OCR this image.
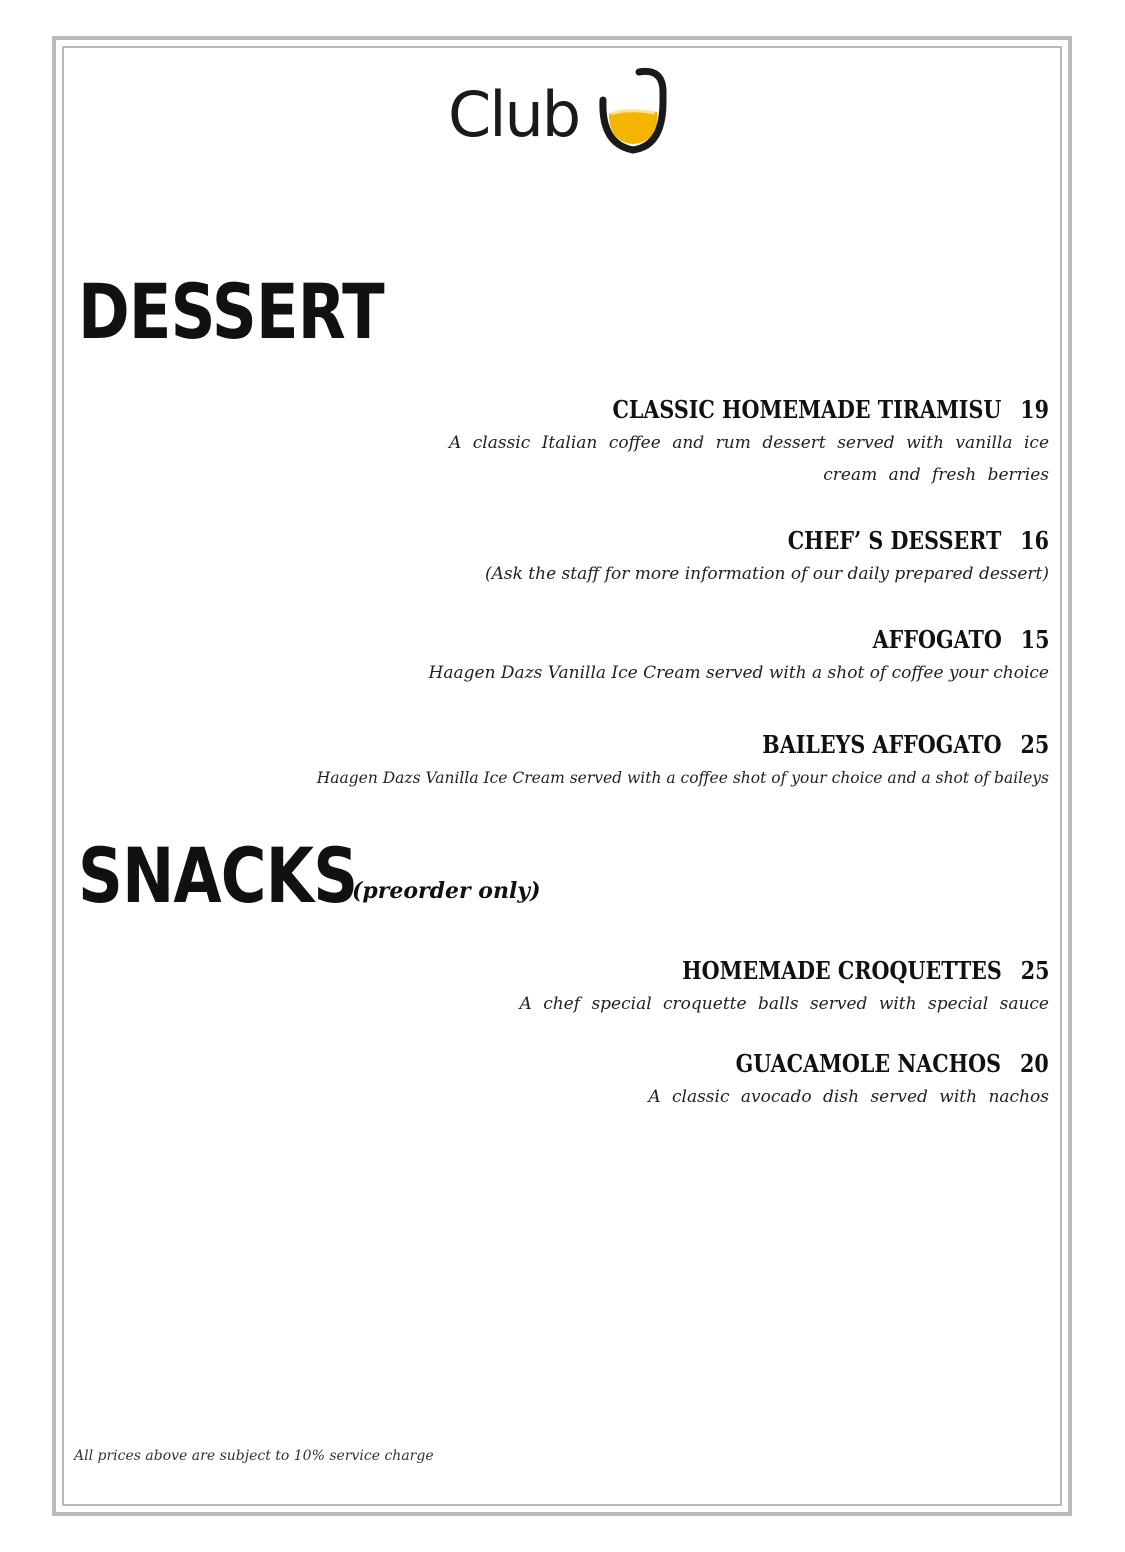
Club
DESSERT
CLASSIC HOMEMADE TIRAMISU 19
A classic Italian coffee and rum dessert served with vanilla ice cream and fresh berries
CHEF’ S DESSERT 16
(Ask the staff for more information of our daily prepared dessert)
AFFOGATO 15
Haagen Dazs Vanilla Ice Cream served with a shot of coffee your choice
BAILEYS AFFOGATO 25
Haagen Dazs Vanilla Ice Cream served with a coffee shot of your choice and a shot of baileys
SNACKS
(preorder only)
HOMEMADE CROQUETTES 25
A chef special croquette balls served with special sauce
GUACAMOLE NACHOS 20
A classic avocado dish served with nachos
All prices above are subject to 10% service charge
